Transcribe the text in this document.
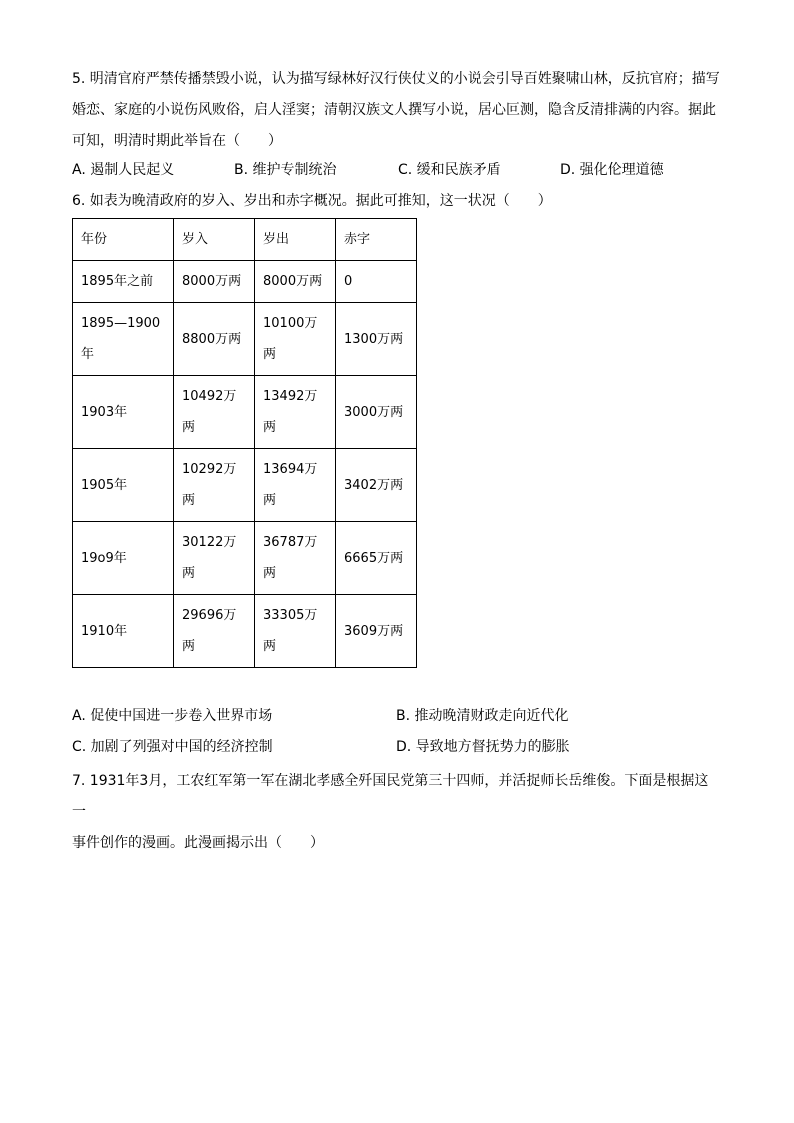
5. 明清官府严禁传播禁毁小说，认为描写绿林好汉行侠仗义的小说会引导百姓聚啸山林，反抗官府；描写

婚恋、家庭的小说伤风败俗，启人淫窦；清朝汉族文人撰写小说，居心叵测，隐含反清排满的内容。据此

可知，明清时期此举旨在（　　）

A. 遏制人民起义	B. 维护专制统治	C. 缓和民族矛盾	D. 强化伦理道德
6. 如表为晚清政府的岁入、岁出和赤字概况。据此可推知，这一状况（　　）
年份	岁入	岁出	赤字
1895年之前	8000万两	8000万两	0
1895—1900年	8800万两	10100万两	1300万两
1903年	10492万两	13492万两	3000万两
1905年	10292万两	13694万两	3402万两
19o9年	30122万两	36787万两	6665万两
1910年	29696万两	33305万两	3609万两
A. 促使中国进一步卷入世界市场	B. 推动晚清财政走向近代化
C. 加剧了列强对中国的经济控制	D. 导致地方督抚势力的膨胀

7. 1931年3月，工农红军第一军在湖北孝感全歼国民党第三十四师，并活捉师长岳维俊。下面是根据这一

事件创作的漫画。此漫画揭示出（　　）
